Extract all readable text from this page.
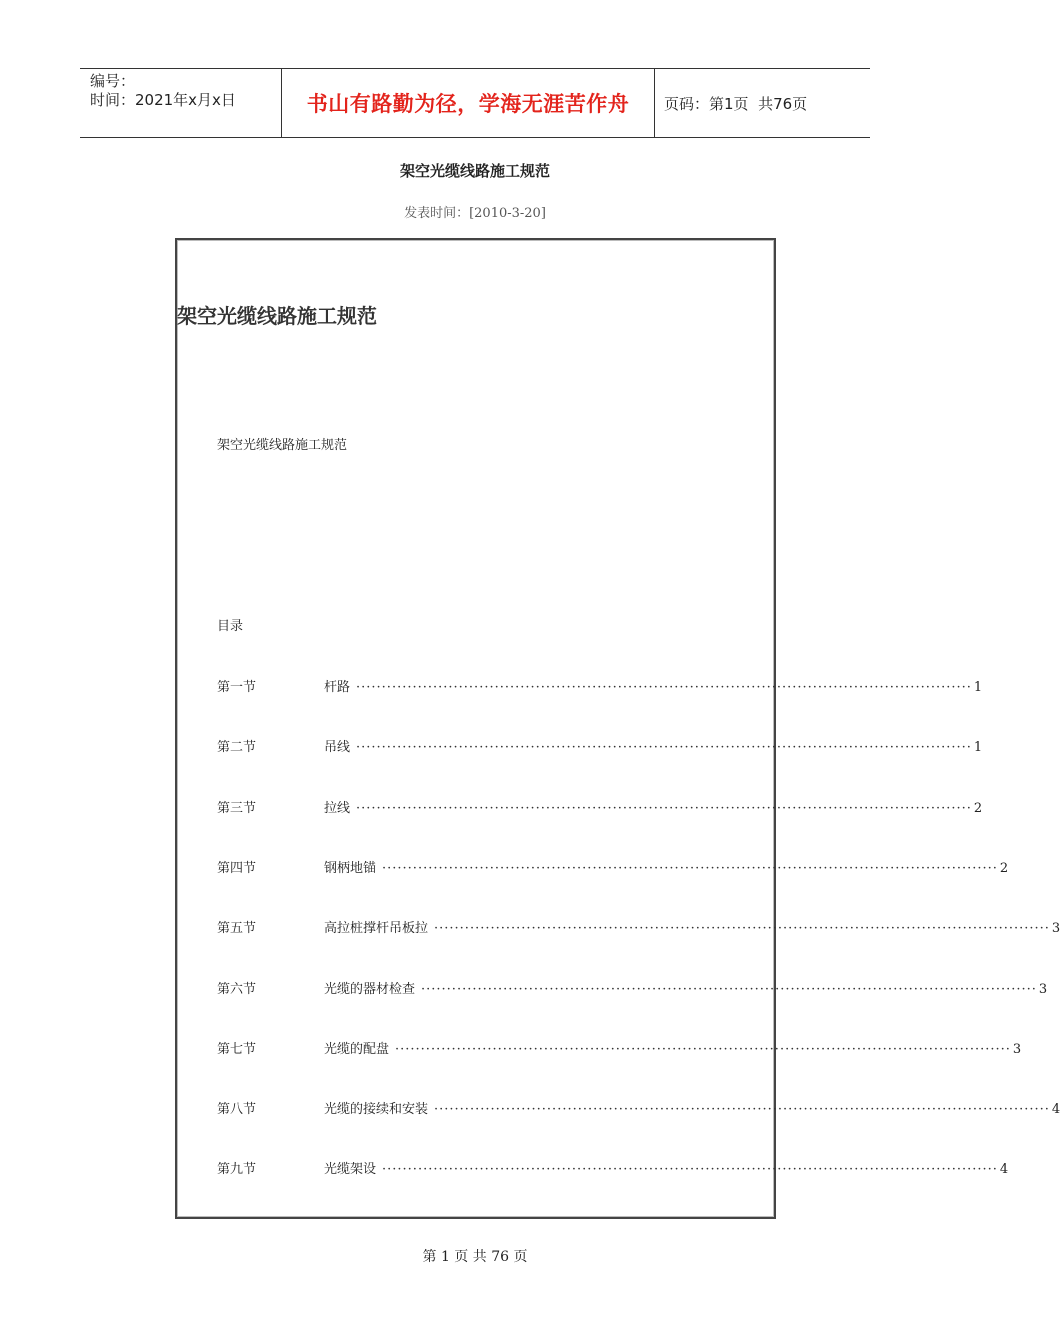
编号：
时间：2021年x月x日	书山有路勤为径，学海无涯苦作舟 页码：第1页  共76页
架空光缆线路施工规范
发表时间：[2010-3-20]
架空光缆线路施工规范
架空光缆线路施工规范
目录
第一节	杆路 ························································································································ 1
第二节	吊线 ························································································································ 1
第三节	拉线 ························································································································ 2
第四节	钢柄地锚 ························································································································ 2
第五节	高拉桩撑杆吊板拉 ························································································································ 3
第六节	光缆的器材检查 ························································································································ 3
第七节	光缆的配盘 ························································································································ 3
第八节	光缆的接续和安装 ························································································································ 4
第九节	光缆架设 ························································································································ 4
第 1 页 共 76 页
